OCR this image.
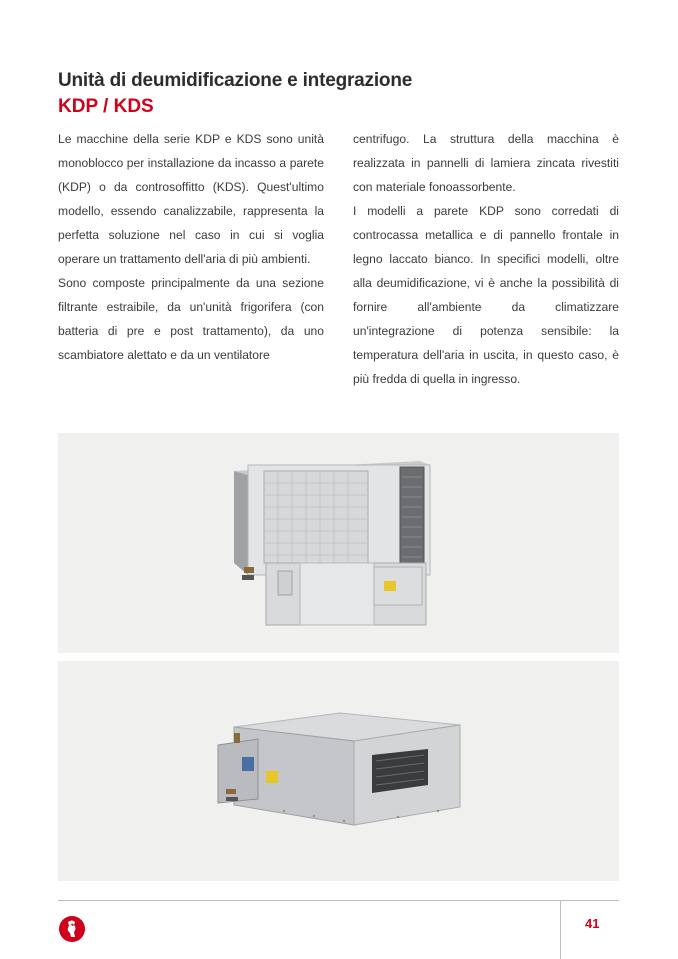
Unità di deumidificazione e integrazione
KDP / KDS

Le macchine della serie KDP e KDS sono unità monoblocco per installazione da incasso a parete (KDP) o da controsoffitto (KDS). Quest'ultimo modello, essendo canalizzabile, rappresenta la perfetta soluzione nel caso in cui si voglia operare un trattamento dell'aria di più ambienti.

Sono composte principalmente da una sezione filtrante estraibile, da un'unità frigorifera (con batteria di pre e post trattamento), da uno scambiatore alettato e da un ventilatore

centrifugo. La struttura della macchina è realizzata in pannelli di lamiera zincata rivestiti con materiale fonoassorbente.

I modelli a parete KDP sono corredati di controcassa metallica e di pannello frontale in legno laccato bianco. In specifici modelli, oltre alla deumidificazione, vi è anche la possibilità di fornire all'ambiente da climatizzare un'integrazione di potenza sensibile: la temperatura dell'aria in uscita, in questo caso, è più fredda di quella in ingresso.

41
